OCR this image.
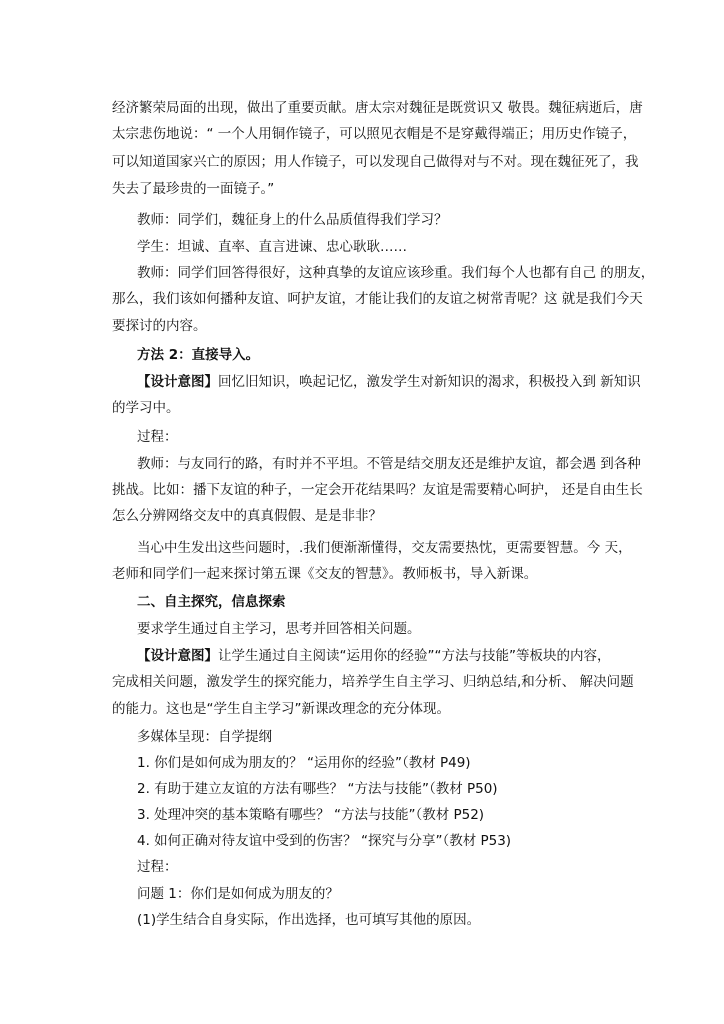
经济繁荣局面的出现，做出了重要贡献。唐太宗对魏征是既赏识又 敬畏。魏征病逝后，唐
太宗悲伤地说：“ 一个人用铜作镜子，可以照见衣帽是不是穿戴得端正；用历史作镜子，
可以知道国家兴亡的原因；用人作镜子，可以发现自己做得对与不对。现在魏征死了，我
失去了最珍贵的一面镜子。”
教师：同学们，魏征身上的什么品质值得我们学习？
学生：坦诚、直率、直言进谏、忠心耿耿……
教师：同学们回答得很好，这种真挚的友谊应该珍重。我们每个人也都有自己 的朋友，
那么，我们该如何播种友谊、呵护友谊，才能让我们的友谊之树常青呢？这 就是我们今天
要探讨的内容。
方法 2：直接导入。
【设计意图】回忆旧知识，唤起记忆，激发学生对新知识的渴求，积极投入到 新知识
的学习中。
过程：
教师：与友同行的路，有时并不平坦。不管是结交朋友还是维护友谊，都会遇 到各种
挑战。比如：播下友谊的种子，一定会开花结果吗？友谊是需要精心呵护， 还是自由生长
怎么分辨网络交友中的真真假假、是是非非？
当心中生发出这些问题时，.我们便渐渐懂得，交友需要热忱，更需要智慧。今 天，
老师和同学们一起来探讨第五课《交友的智慧》。教师板书，导入新课。
二、自主探究，信息探索
要求学生通过自主学习，思考并回答相关问题。
【设计意图】让学生通过自主阅读“运用你的经验”“方法与技能”等板块的内容，
完成相关问题，激发学生的探究能力，培养学生自主学习、归纳总结,和分析、 解决问题
的能力。这也是“学生自主学习”新课改理念的充分体现。
多媒体呈现：自学提纲
1. 你们是如何成为朋友的？ “运用你的经验”（教材 P49)
2. 有助于建立友谊的方法有哪些？ “方法与技能”（教材 P50)
3. 处理冲突的基本策略有哪些？ “方法与技能”（教材 P52)
4. 如何正确对待友谊中受到的伤害？ “探究与分享”（教材 P53)
过程：
问题 1：你们是如何成为朋友的？
(1)学生结合自身实际，作出选择，也可填写其他的原因。
